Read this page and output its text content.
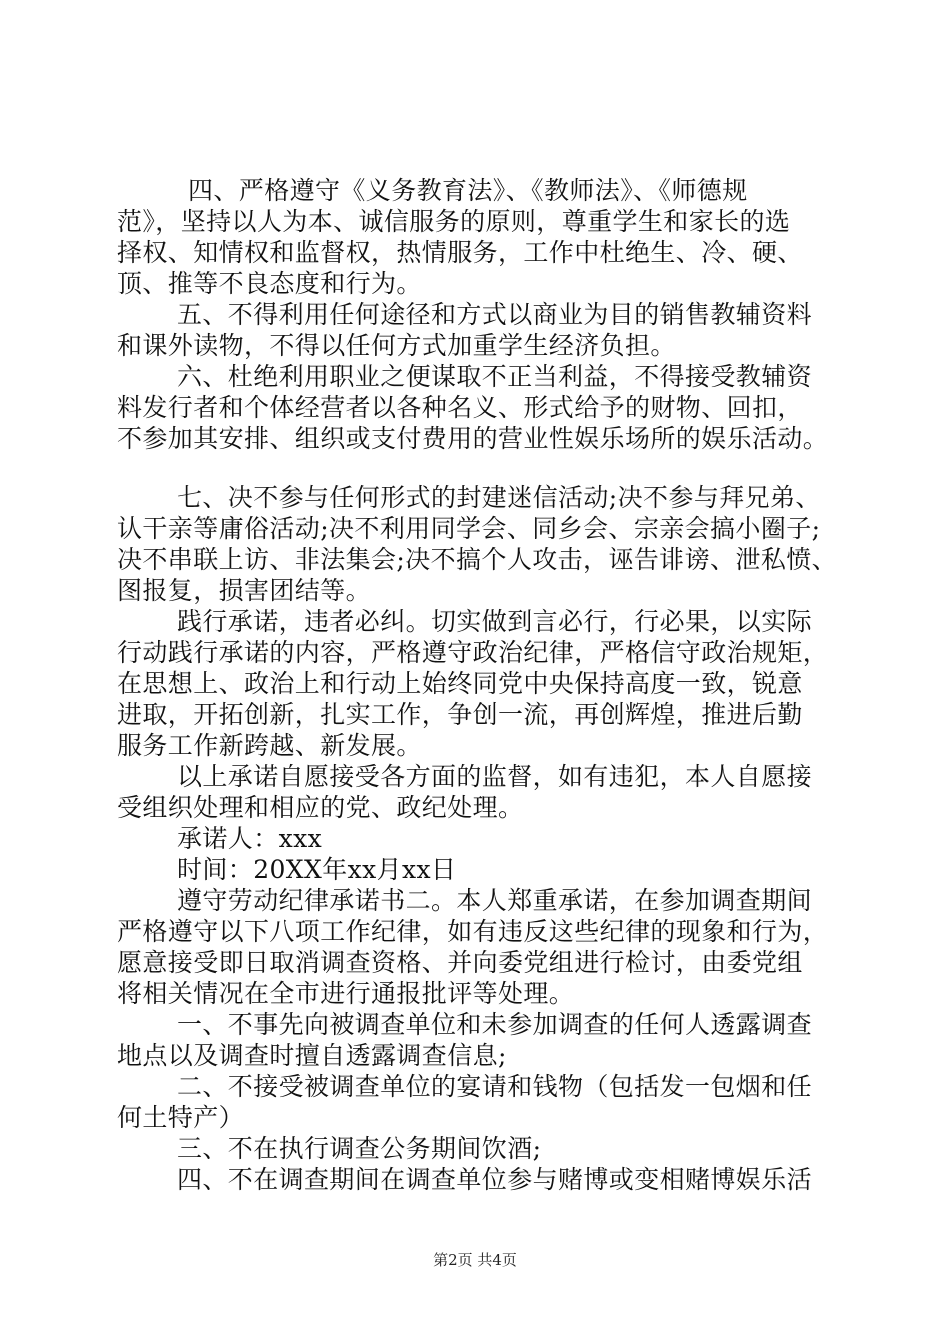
四、严格遵守《义务教育法》、《教师法》、《师德规
范》，坚持以人为本、诚信服务的原则，尊重学生和家长的选
择权、知情权和监督权，热情服务，工作中杜绝生、冷、硬、
顶、推等不良态度和行为。
五、不得利用任何途径和方式以商业为目的销售教辅资料
和课外读物，不得以任何方式加重学生经济负担。
六、杜绝利用职业之便谋取不正当利益，不得接受教辅资
料发行者和个体经营者以各种名义、形式给予的财物、回扣，
不参加其安排、组织或支付费用的营业性娱乐场所的娱乐活动。
七、决不参与任何形式的封建迷信活动;决不参与拜兄弟、
认干亲等庸俗活动;决不利用同学会、同乡会、宗亲会搞小圈子;
决不串联上访、非法集会;决不搞个人攻击，诬告诽谤、泄私愤、
图报复，损害团结等。
践行承诺，违者必纠。切实做到言必行，行必果，以实际
行动践行承诺的内容，严格遵守政治纪律，严格信守政治规矩，
在思想上、政治上和行动上始终同党中央保持高度一致，锐意
进取，开拓创新，扎实工作，争创一流，再创辉煌，推进后勤
服务工作新跨越、新发展。
以上承诺自愿接受各方面的监督，如有违犯，本人自愿接
受组织处理和相应的党、政纪处理。
承诺人：xxx
时间：20XX年xx月xx日
遵守劳动纪律承诺书二。本人郑重承诺，在参加调查期间
严格遵守以下八项工作纪律，如有违反这些纪律的现象和行为，
愿意接受即日取消调查资格、并向委党组进行检讨，由委党组
将相关情况在全市进行通报批评等处理。
一、不事先向被调查单位和未参加调查的任何人透露调查
地点以及调查时擅自透露调查信息;
二、不接受被调查单位的宴请和钱物（包括发一包烟和任
何土特产）
三、不在执行调查公务期间饮酒;
四、不在调查期间在调查单位参与赌博或变相赌博娱乐活
第2页 共4页
